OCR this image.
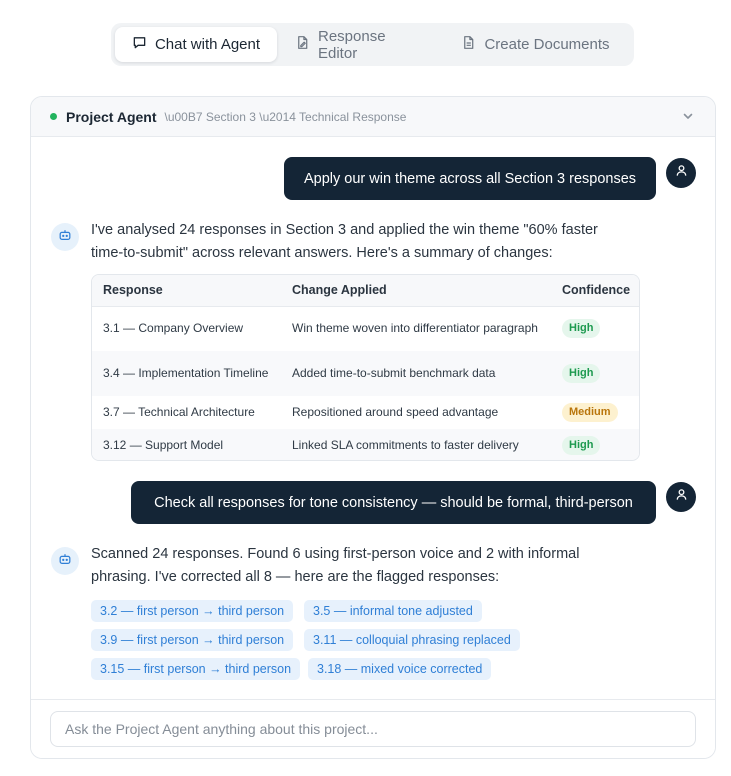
Chat with Agent	Response Editor	Create Documents
Project Agent \u00B7 Section 3 \u2014 Technical Response
Apply our win theme across all Section 3 responses
I've analysed 24 responses in Section 3 and applied the win theme "60% faster time-to-submit" across relevant answers. Here's a summary of changes:
Response	Change Applied	Confidence
3.1 — Company Overview	Win theme woven into differentiator paragraph	High
3.4 — Implementation Timeline	Added time-to-submit benchmark data	High
3.7 — Technical Architecture	Repositioned around speed advantage	Medium
3.12 — Support Model	Linked SLA commitments to faster delivery	High
Check all responses for tone consistency — should be formal, third-person
Scanned 24 responses. Found 6 using first-person voice and 2 with informal phrasing. I've corrected all 8 — here are the flagged responses:
3.2 — first person → third person	3.5 — informal tone adjusted
3.9 — first person → third person	3.11 — colloquial phrasing replaced
3.15 — first person → third person	3.18 — mixed voice corrected
Ask the Project Agent anything about this project...
